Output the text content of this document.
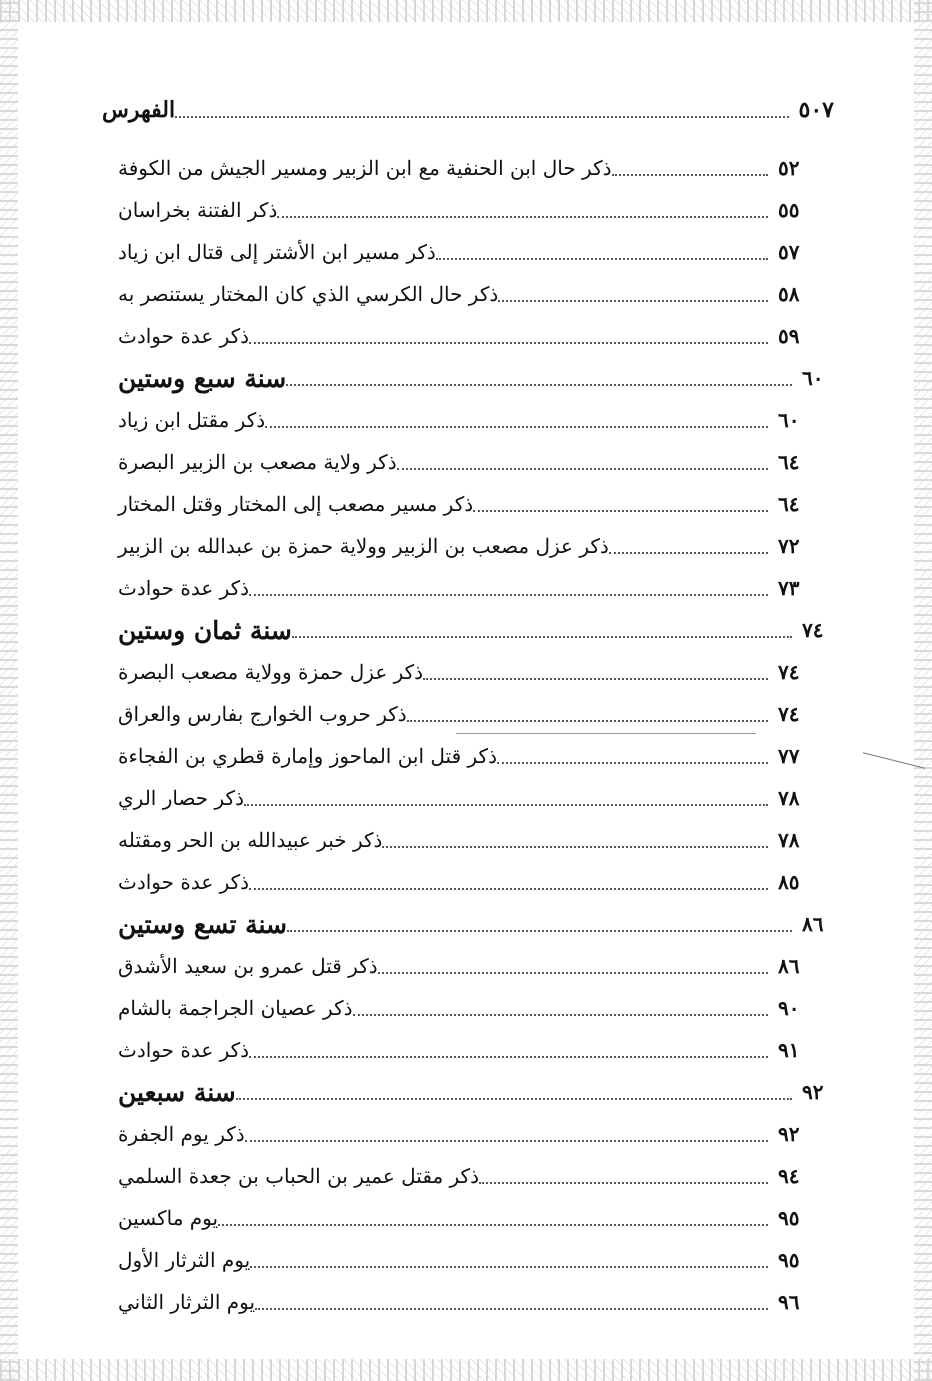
الفهرس	٥٠٧
ذكر حال ابن الحنفية مع ابن الزبير ومسير الجيش من الكوفة	٥٢
ذكر الفتنة بخراسان	٥٥
ذكر مسير ابن الأشتر إلى قتال ابن زياد	٥٧
ذكر حال الكرسي الذي كان المختار يستنصر به	٥٨
ذكر عدة حوادث	٥٩
سنة سبع وستين	٦٠
ذكر مقتل ابن زياد	٦٠
ذكر ولاية مصعب بن الزبير البصرة	٦٤
ذكر مسير مصعب إلى المختار وقتل المختار	٦٤
ذكر عزل مصعب بن الزبير وولاية حمزة بن عبدالله بن الزبير	٧٢
ذكر عدة حوادث	٧٣
سنة ثمان وستين	٧٤
ذكر عزل حمزة وولاية مصعب البصرة	٧٤
ذكر حروب الخوارج بفارس والعراق	٧٤
ذكر قتل ابن الماحوز وإمارة قطري بن الفجاءة	٧٧
ذكر حصار الري	٧٨
ذكر خبر عبيدالله بن الحر ومقتله	٧٨
ذكر عدة حوادث	٨٥
سنة تسع وستين	٨٦
ذكر قتل عمرو بن سعيد الأشدق	٨٦
ذكر عصيان الجراجمة بالشام	٩٠
ذكر عدة حوادث	٩١
سنة سبعين	٩٢
ذكر يوم الجفرة	٩٢
ذكر مقتل عمير بن الحباب بن جعدة السلمي	٩٤
يوم ماكسين	٩٥
يوم الثرثار الأول	٩٥
يوم الثرثار الثاني	٩٦
